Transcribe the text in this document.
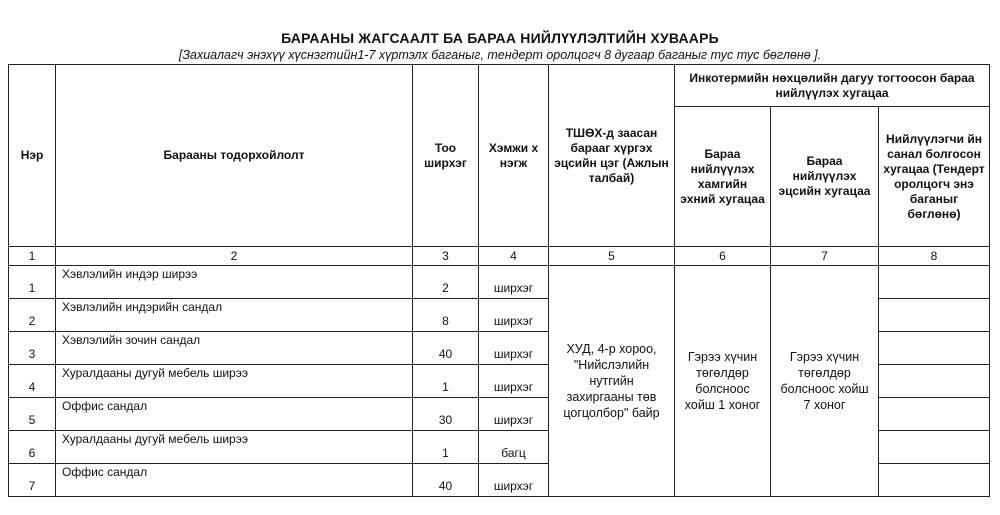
БАРААНЫ ЖАГСААЛТ БА БАРАА НИЙЛҮҮЛЭЛТИЙН ХУВААРЬ
[Захиалагч энэхүү хүснэгтийн1-7 хүртэлх баганыг, тендерт оролцогч 8 дугаар баганыг тус тус бөглөнө ].
Нэр	Барааны тодорхойлолт	Тоо ширхэг	Хэмжи х нэгж	ТШӨХ-д заасан барааг хүргэх эцсийн цэг (Ажлын талбай)	Инкотермийн нөхцөлийн дагуу тогтоосон бараа нийлүүлэх хугацаа		
					Бараа нийлүүлэх хамгийн эхний хугацаа	Бараа нийлүүлэх эцсийн хугацаа	Нийлүүлэгчи йн санал болгосон хугацаа (Тендерт оролцогч энэ баганыг бөглөнө)
1	2	3	4	5	6	7	8
1	Хэвлэлийн индэр ширээ	2	ширхэг	ХУД, 4-р хороо, "Нийслэлийн нутгийн захиргааны төв цогцолбор" байр	Гэрээ хүчин төгөлдөр болсноос хойш 1 хоног	Гэрээ хүчин төгөлдөр болсноос хойш 7 хоног	
2	Хэвлэлийн индэрийн сандал	8	ширхэг				
3	Хэвлэлийн зочин сандал	40	ширхэг				
4	Хуралдааны дугуй мебель ширээ	1	ширхэг				
5	Оффис сандал	30	ширхэг				
6	Хуралдааны дугуй мебель ширээ	1	багц				
7	Оффис сандал	40	ширхэг				
